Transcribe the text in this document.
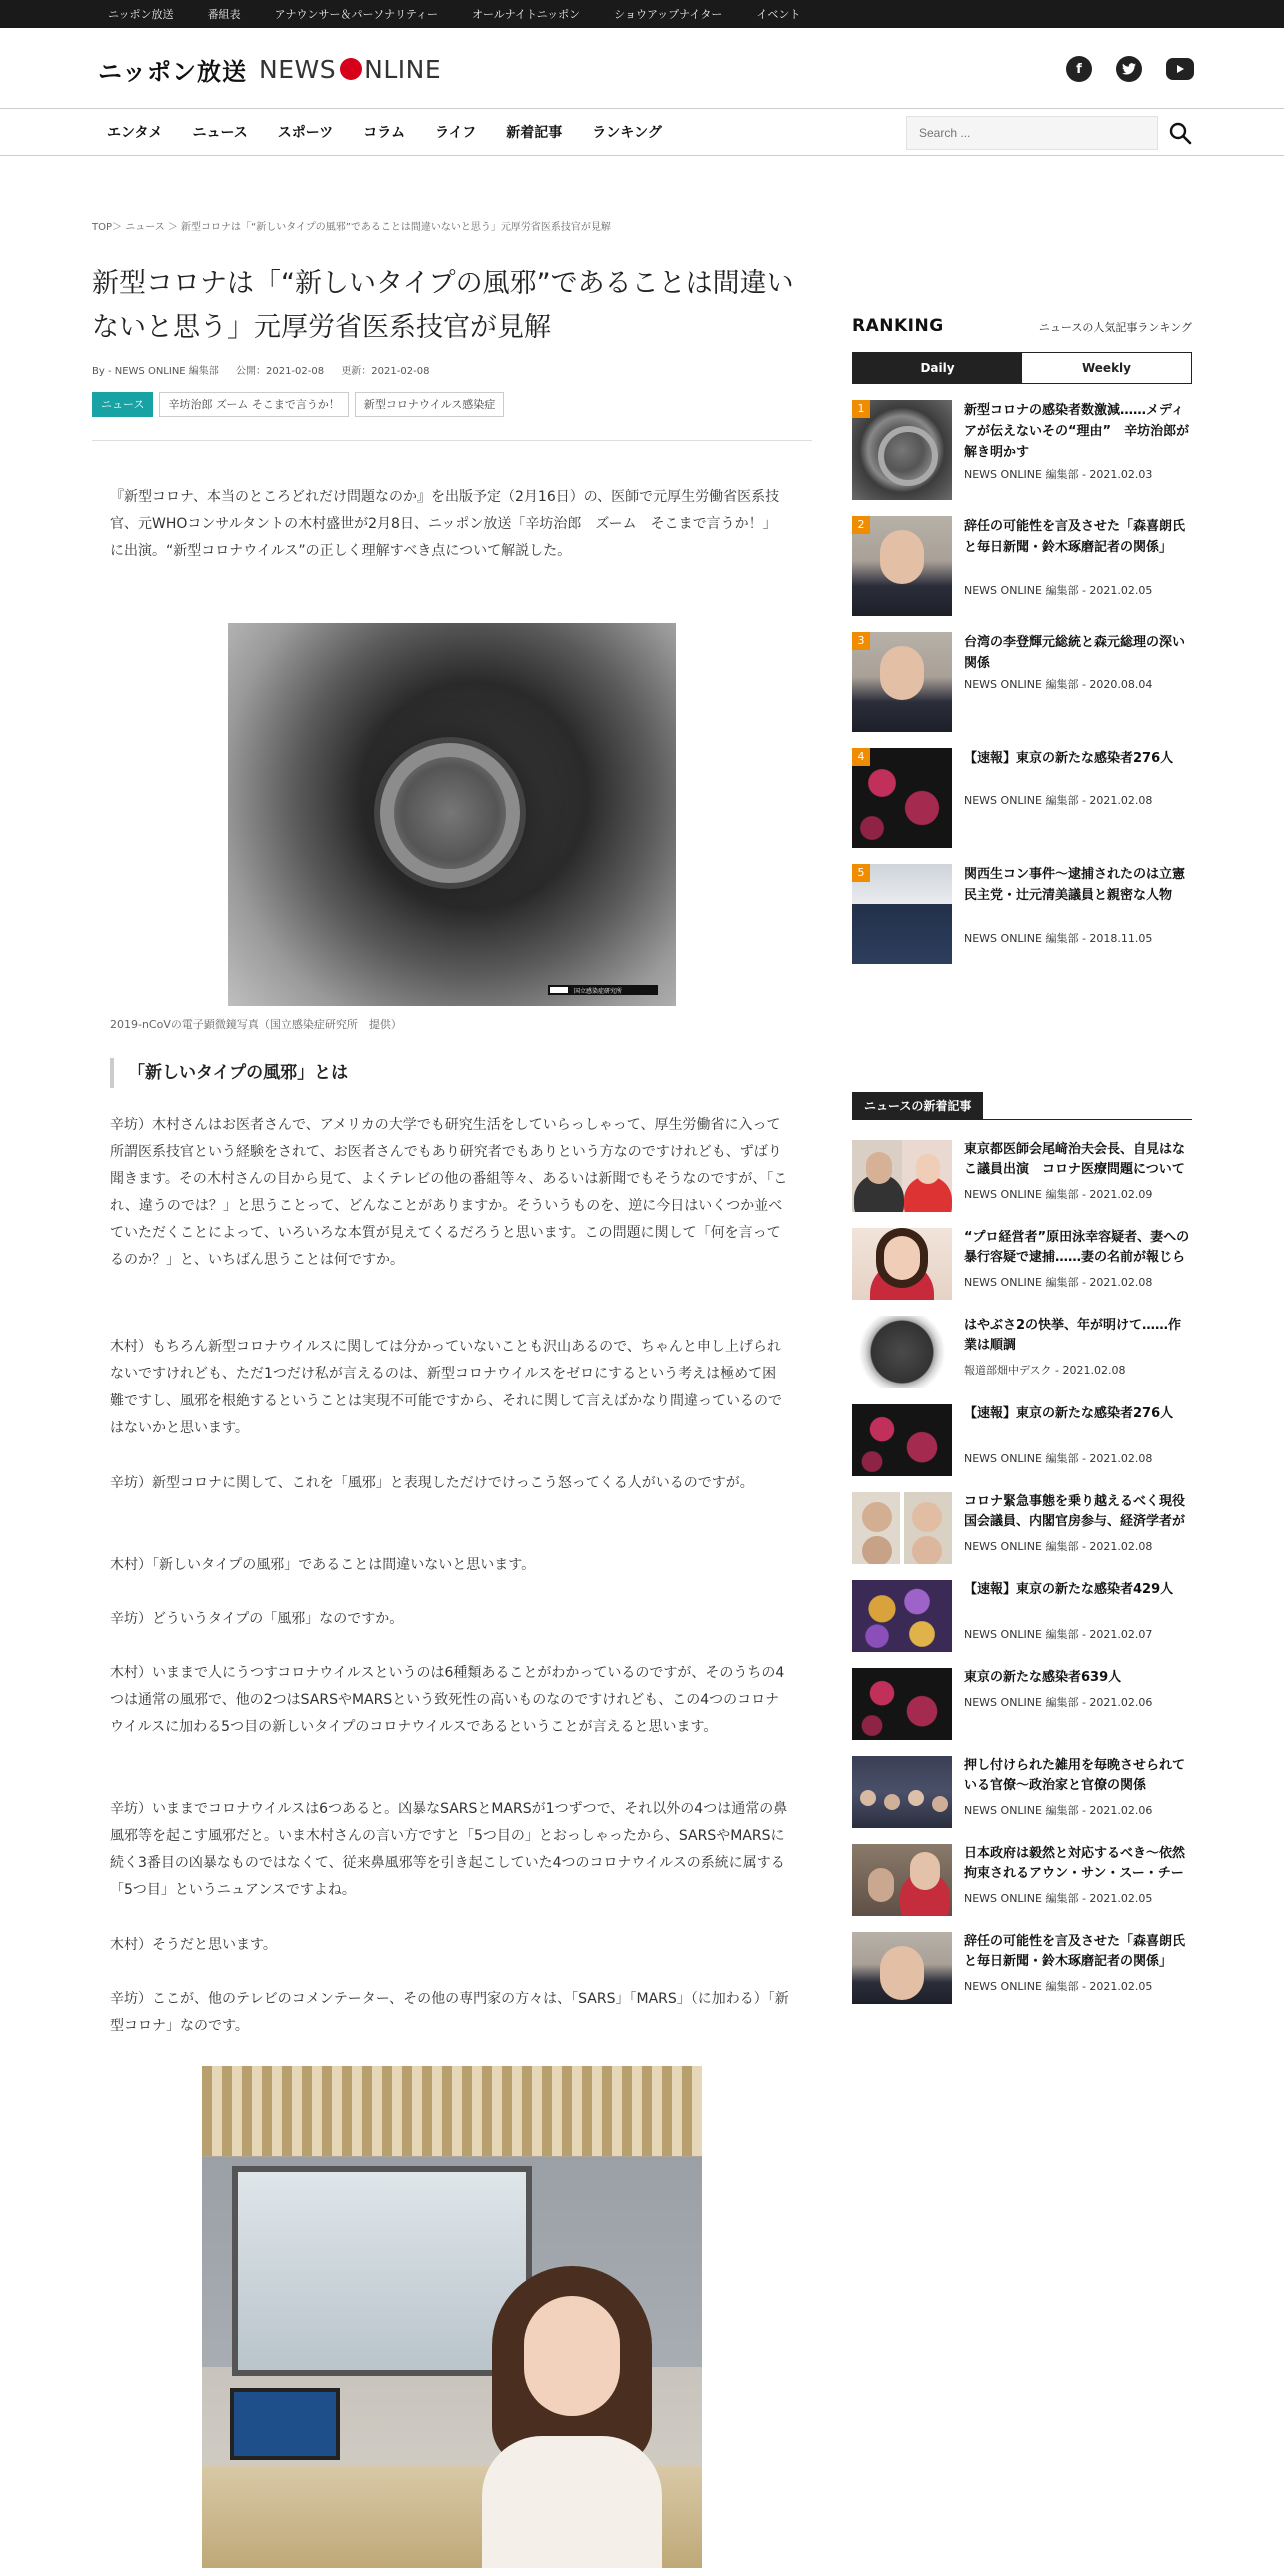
ニッポン放送	番組表	アナウンサー＆パーソナリティー	オールナイトニッポン	ショウアップナイター	イベント
ニッポン放送 NEWS NLINE	f
エンタメ ニュース スポーツ コラム ライフ 新着記事 ランキング
Search ...
TOP＞ ニュース ＞ 新型コロナは「“新しいタイプの風邪”であることは間違いないと思う」元厚労省医系技官が見解
新型コロナは「“新しいタイプの風邪”であることは間違いないと思う」元厚労省医系技官が見解
By - NEWS ONLINE 編集部 公開：2021-02-08 更新：2021-02-08
ニュース	辛坊治郎 ズーム そこまで言うか！	新型コロナウイルス感染症

『新型コロナ、本当のところどれだけ問題なのか』を出版予定（2月16日）の、医師で元厚生労働省医系技官、元WHOコンサルタントの木村盛世が2月8日、ニッポン放送「辛坊治郎　ズーム　そこまで言うか！」に出演。“新型コロナウイルス”の正しく理解すべき点について解説した。

国立感染症研究所
2019-nCoVの電子顕微鏡写真（国立感染症研究所　提供）
「新しいタイプの風邪」とは

辛坊）木村さんはお医者さんで、アメリカの大学でも研究生活をしていらっしゃって、厚生労働省に入って所謂医系技官という経験をされて、お医者さんでもあり研究者でもありという方なのですけれども、ずばり聞きます。その木村さんの目から見て、よくテレビの他の番組等々、あるいは新聞でもそうなのですが、「これ、違うのでは？」と思うことって、どんなことがありますか。そういうものを、逆に今日はいくつか並べていただくことによって、いろいろな本質が見えてくるだろうと思います。この問題に関して「何を言ってるのか？」と、いちばん思うことは何ですか。

木村）もちろん新型コロナウイルスに関しては分かっていないことも沢山あるので、ちゃんと申し上げられないですけれども、ただ1つだけ私が言えるのは、新型コロナウイルスをゼロにするという考えは極めて困難ですし、風邪を根絶するということは実現不可能ですから、それに関して言えばかなり間違っているのではないかと思います。

辛坊）新型コロナに関して、これを「風邪」と表現しただけでけっこう怒ってくる人がいるのですが。

木村）「新しいタイプの風邪」であることは間違いないと思います。

辛坊）どういうタイプの「風邪」なのですか。

木村）いままで人にうつすコロナウイルスというのは6種類あることがわかっているのですが、そのうちの4つは通常の風邪で、他の2つはSARSやMARSという致死性の高いものなのですけれども、この4つのコロナウイルスに加わる5つ目の新しいタイプのコロナウイルスであるということが言えると思います。

辛坊）いままでコロナウイルスは6つあると。凶暴なSARSとMARSが1つずつで、それ以外の4つは通常の鼻風邪等を起こす風邪だと。いま木村さんの言い方ですと「5つ目の」とおっしゃったから、SARSやMARSに続く3番目の凶暴なものではなくて、従来鼻風邪等を引き起こしていた4つのコロナウイルスの系統に属する「5つ目」というニュアンスですよね。

木村）そうだと思います。

辛坊）ここが、他のテレビのコメンテーター、その他の専門家の方々は、「SARS」「MARS」（に加わる）「新型コロナ」なのです。

RANKING	ニュースの人気記事ランキング
Daily	Weekly
1	新型コロナの感染者数激減……メディアが伝えないその“理由”　辛坊治郎が解き明かす
NEWS ONLINE 編集部 - 2021.02.03
2	辞任の可能性を言及させた「森喜朗氏と毎日新聞・鈴木琢磨記者の関係」
NEWS ONLINE 編集部 - 2021.02.05
3	台湾の李登輝元総統と森元総理の深い関係
NEWS ONLINE 編集部 - 2020.08.04
4	【速報】東京の新たな感染者276人
NEWS ONLINE 編集部 - 2021.02.08
5	関西生コン事件～逮捕されたのは立憲民主党・辻元清美議員と親密な人物
NEWS ONLINE 編集部 - 2018.11.05
ニュースの新着記事
東京都医師会尾﨑治夫会長、自見はなこ議員出演　コロナ医療問題について
NEWS ONLINE 編集部 - 2021.02.09
“プロ経営者”原田泳幸容疑者、妻への暴行容疑で逮捕……妻の名前が報じら
NEWS ONLINE 編集部 - 2021.02.08
はやぶさ2の快挙、年が明けて……作業は順調
報道部畑中デスク - 2021.02.08
【速報】東京の新たな感染者276人
NEWS ONLINE 編集部 - 2021.02.08
コロナ緊急事態を乗り越えるべく現役国会議員、内閣官房参与、経済学者が
NEWS ONLINE 編集部 - 2021.02.08
【速報】東京の新たな感染者429人
NEWS ONLINE 編集部 - 2021.02.07
東京の新たな感染者639人
NEWS ONLINE 編集部 - 2021.02.06
押し付けられた雑用を毎晩させられている官僚～政治家と官僚の関係
NEWS ONLINE 編集部 - 2021.02.06
日本政府は毅然と対応するべき～依然拘束されるアウン・サン・スー・チー
NEWS ONLINE 編集部 - 2021.02.05
辞任の可能性を言及させた「森喜朗氏と毎日新聞・鈴木琢磨記者の関係」
NEWS ONLINE 編集部 - 2021.02.05
